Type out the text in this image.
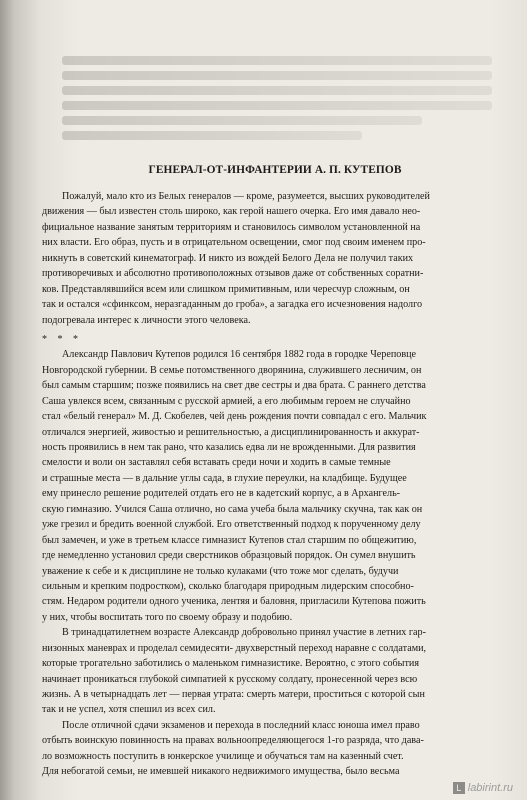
ГЕНЕРАЛ-ОТ-ИНФАНТЕРИИ А. П. КУТЕПОВ
Пожалуй, мало кто из Белых генералов — кроме, разумеется, высших руководителей
движения — был известен столь широко, как герой нашего очерка. Его имя давало нео-
фициальное название занятым территориям и становилось символом установленной на
них власти. Его образ, пусть и в отрицательном освещении, смог под своим именем про-
никнуть в советский кинематограф. И никто из вождей Белого Дела не получил таких
противоречивых и абсолютно противоположных отзывов даже от собственных соратни-
ков. Представлявшийся всем или слишком примитивным, или чересчур сложным, он
так и остался «сфинксом, неразгаданным до гроба», а загадка его исчезновения надолго
подогревала интерес к личности этого человека.
* * *
Александр Павлович Кутепов родился 16 сентября 1882 года в городке Череповце
Новгородской губернии. В семье потомственного дворянина, служившего лесничим, он
был самым старшим; позже появились на свет две сестры и два брата. С раннего детства
Саша увлекся всем, связанным с русской армией, а его любимым героем не случайно
стал «белый генерал» М. Д. Скобелев, чей день рождения почти совпадал с его. Мальчик
отличался энергией, живостью и решительностью, а дисциплинированность и аккурат-
ность проявились в нем так рано, что казались едва ли не врожденными. Для развития
смелости и воли он заставлял себя вставать среди ночи и ходить в самые темные
и страшные места — в дальние углы сада, в глухие переулки, на кладбище. Будущее
ему принесло решение родителей отдать его не в кадетский корпус, а в Архангель-
скую гимназию. Учился Саша отлично, но сама учеба была мальчику скучна, так как он
уже грезил и бредить военной службой. Его ответственный подход к порученному делу
был замечен, и уже в третьем классе гимназист Кутепов стал старшим по общежитию,
где немедленно установил среди сверстников образцовый порядок. Он сумел внушить
уважение к себе и к дисциплине не только кулаками (что тоже мог сделать, будучи
сильным и крепким подростком), сколько благодаря природным лидерским способно-
стям. Недаром родители одного ученика, лентяя и баловня, пригласили Кутепова пожить
у них, чтобы воспитать того по своему образу и подобию.
В тринадцатилетнем возрасте Александр добровольно принял участие в летних гар-
низонных маневрах и проделал семидесяти- двухверстный переход наравне с солдатами,
которые трогательно заботились о маленьком гимназистике. Вероятно, с этого события
начинает проникаться глубокой симпатией к русскому солдату, пронесенной через всю
жизнь. А в четырнадцать лет — первая утрата: смерть матери, проститься с которой сын
так и не успел, хотя спешил из всех сил.
После отличной сдачи экзаменов и перехода в последний класс юноша имел право
отбыть воинскую повинность на правах вольноопределяющегося 1-го разряда, что дава-
ло возможность поступить в юнкерское училище и обучаться там на казенный счет.
Для небогатой семьи, не имевшей никакого недвижимого имущества, было весьма
L labirint.ru
